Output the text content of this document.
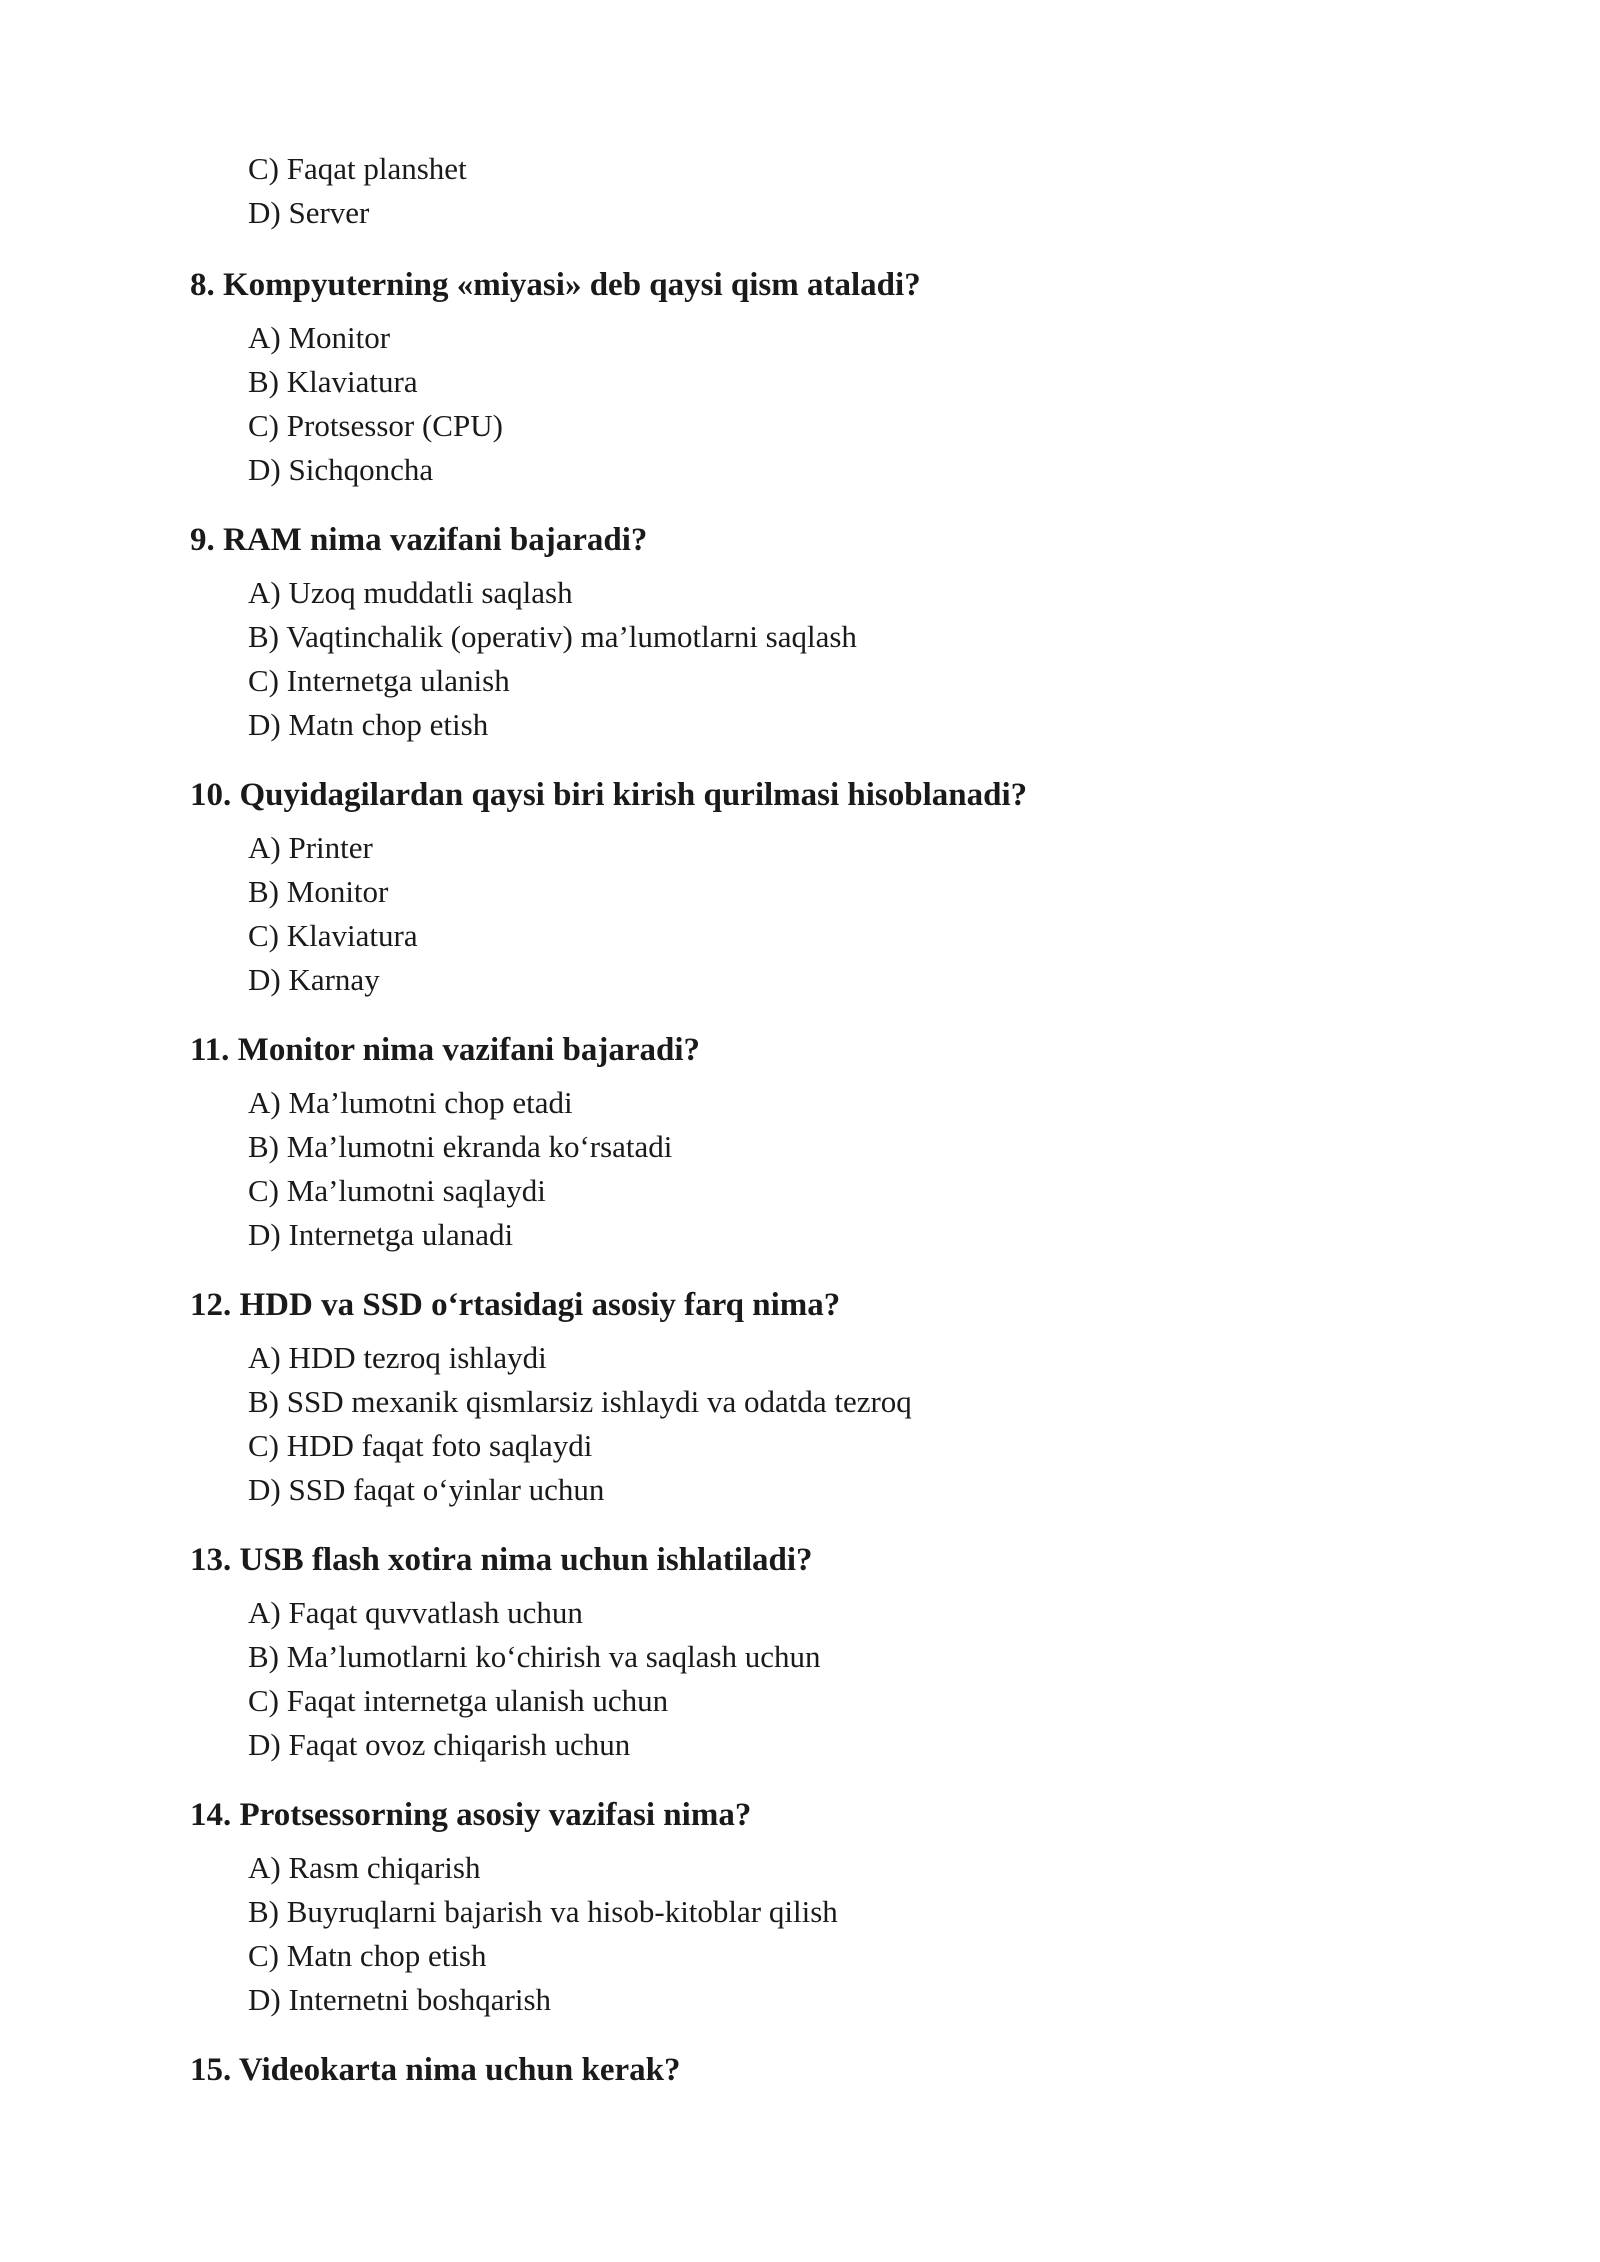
C) Faqat planshet
D) Server
8. Kompyuterning «miyasi» deb qaysi qism ataladi?
A) Monitor
B) Klaviatura
C) Protsessor (CPU)
D) Sichqoncha
9. RAM nima vazifani bajaradi?
A) Uzoq muddatli saqlash
B) Vaqtinchalik (operativ) ma’lumotlarni saqlash
C) Internetga ulanish
D) Matn chop etish
10. Quyidagilardan qaysi biri kirish qurilmasi hisoblanadi?
A) Printer
B) Monitor
C) Klaviatura
D) Karnay
11. Monitor nima vazifani bajaradi?
A) Ma’lumotni chop etadi
B) Ma’lumotni ekranda ko‘rsatadi
C) Ma’lumotni saqlaydi
D) Internetga ulanadi
12. HDD va SSD o‘rtasidagi asosiy farq nima?
A) HDD tezroq ishlaydi
B) SSD mexanik qismlarsiz ishlaydi va odatda tezroq
C) HDD faqat foto saqlaydi
D) SSD faqat o‘yinlar uchun
13. USB flash xotira nima uchun ishlatiladi?
A) Faqat quvvatlash uchun
B) Ma’lumotlarni ko‘chirish va saqlash uchun
C) Faqat internetga ulanish uchun
D) Faqat ovoz chiqarish uchun
14. Protsessorning asosiy vazifasi nima?
A) Rasm chiqarish
B) Buyruqlarni bajarish va hisob-kitoblar qilish
C) Matn chop etish
D) Internetni boshqarish
15. Videokarta nima uchun kerak?
